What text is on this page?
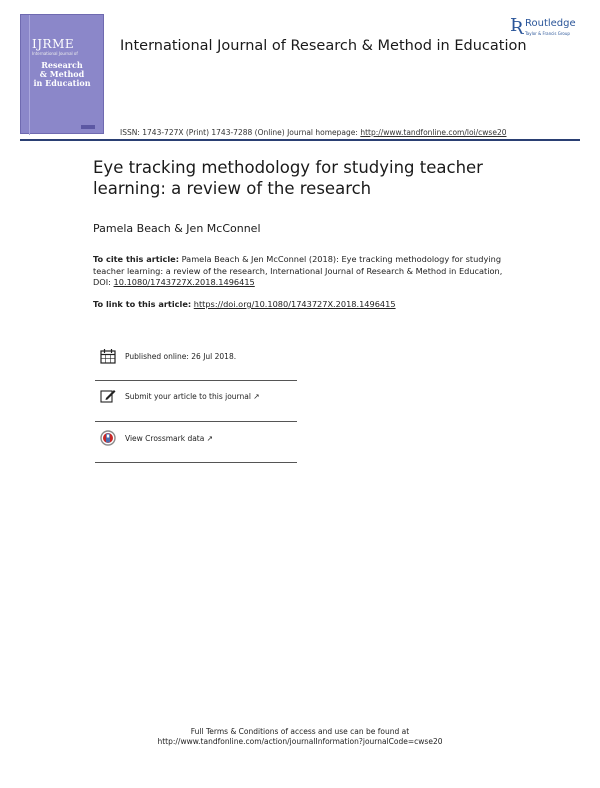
IJRME
International Journal of
Research
& Method
in Education
International Journal of Research & Method in Education
Ʀ Routledge
Taylor & Francis Group
ISSN: 1743-727X (Print) 1743-7288 (Online) Journal homepage: http://www.tandfonline.com/loi/cwse20
Eye tracking methodology for studying teacher learning: a review of the research
Pamela Beach & Jen McConnel
To cite this article: Pamela Beach & Jen McConnel (2018): Eye tracking methodology for studying teacher learning: a review of the research, International Journal of Research & Method in Education, DOI: 10.1080/1743727X.2018.1496415
To link to this article: https://doi.org/10.1080/1743727X.2018.1496415
Published online: 26 Jul 2018.
Submit your article to this journal ↗
View Crossmark data ↗
Full Terms & Conditions of access and use can be found at
http://www.tandfonline.com/action/journalInformation?journalCode=cwse20
